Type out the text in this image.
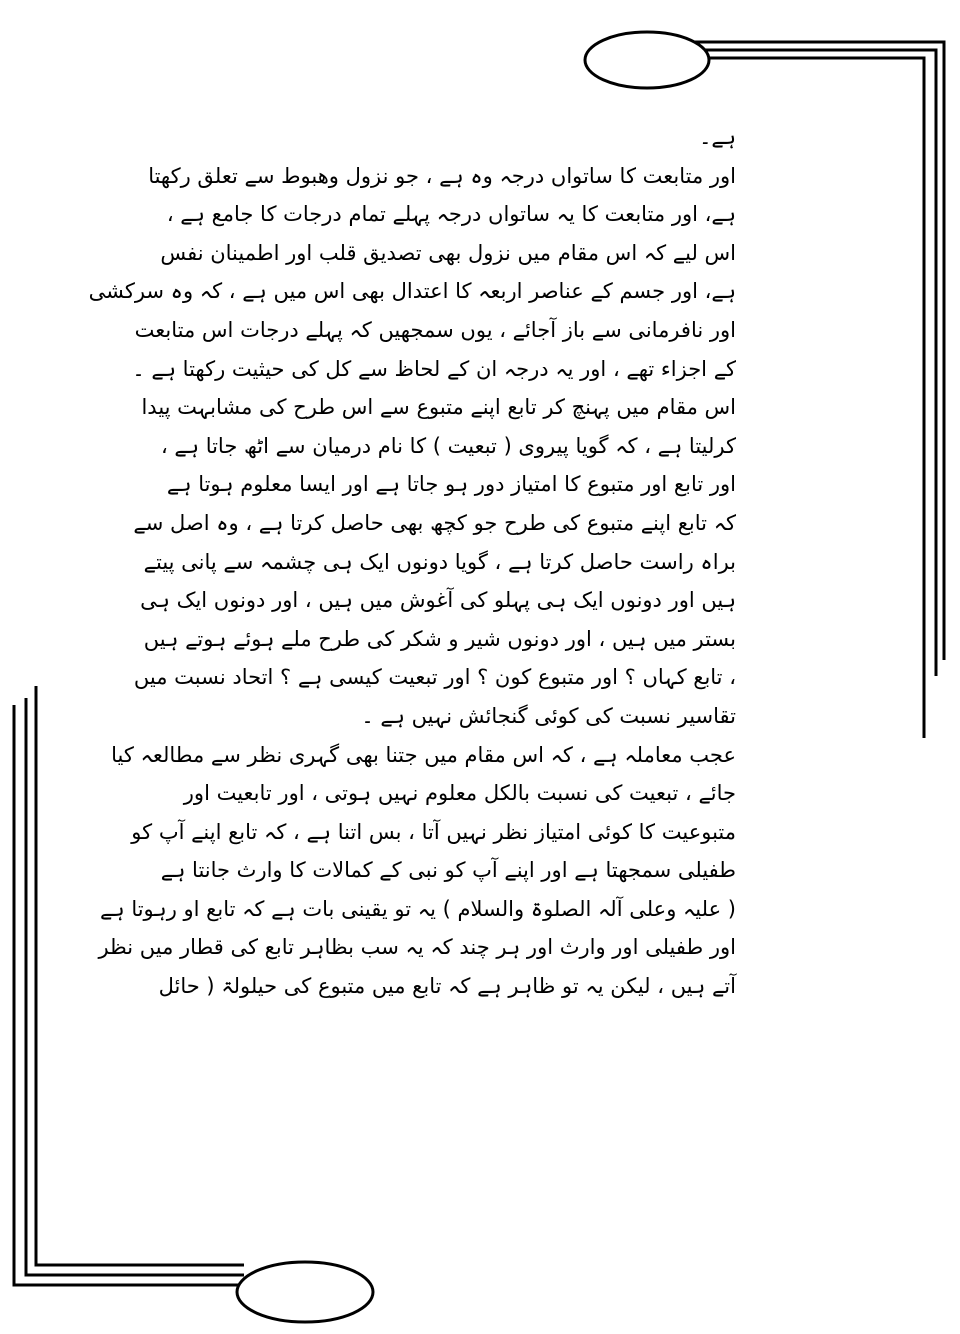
ہے۔
اور متابعت کا ساتواں درجہ وہ ہے ، جو نزول وھبوط سے تعلق رکھتا
ہے، اور متابعت کا یہ ساتواں درجہ پہلے تمام درجات کا جامع ہے ،
اس لیے کہ اس مقام میں نزول بھی تصدیق قلب اور اطمینان نفس
ہے، اور جسم کے عناصر اربعہ کا اعتدال بھی اس میں ہے ، کہ وہ سرکشی
اور نافرمانی سے باز آجائے ، یوں سمجھیں کہ پہلے درجات اس متابعت
کے اجزاء تھے ، اور یہ درجہ ان کے لحاظ سے کل کی حیثیت رکھتا ہے ۔
اس مقام میں پہنچ کر تابع اپنے متبوع سے اس طرح کی مشابہت پیدا
کرلیتا ہے ، کہ گویا پیروی ( تبعیت ) کا نام درمیان سے اٹھ جاتا ہے ،
اور تابع اور متبوع کا امتیاز دور ہو جاتا ہے اور ایسا معلوم ہوتا ہے
کہ تابع اپنے متبوع کی طرح جو کچھ بھی حاصل کرتا ہے ، وہ اصل سے
براہ راست حاصل کرتا ہے ، گویا دونوں ایک ہی چشمہ سے پانی پیتے
ہیں اور دونوں ایک ہی پہلو کی آغوش میں ہیں ، اور دونوں ایک ہی
بستر میں ہیں ، اور دونوں شیر و شکر کی طرح ملے ہوئے ہوتے ہیں
، تابع کہاں ؟ اور متبوع کون ؟ اور تبعیت کیسی ہے ؟ اتحاد نسبت میں
تقاسیر نسبت کی کوئی گنجائش نہیں ہے ۔
عجب معاملہ ہے ، کہ اس مقام میں جتنا بھی گہری نظر سے مطالعہ کیا
جائے ، تبعیت کی نسبت بالکل معلوم نہیں ہوتی ، اور تابعیت اور
متبوعیت کا کوئی امتیاز نظر نہیں آتا ، بس اتنا ہے ، کہ تابع اپنے آپ کو
طفیلی سمجھتا ہے اور اپنے آپ کو نبی کے کمالات کا وارث جانتا ہے
( علیہ وعلی آلہ الصلوۃ والسلام ) یہ تو یقینی بات ہے کہ تابع او رہوتا ہے
اور طفیلی اور وارث اور ہر چند کہ یہ سب بظاہر تابع کی قطار میں نظر
آتے ہیں ، لیکن یہ تو ظاہر ہے کہ تابع میں متبوع کی حیلولۃ ( حائل
